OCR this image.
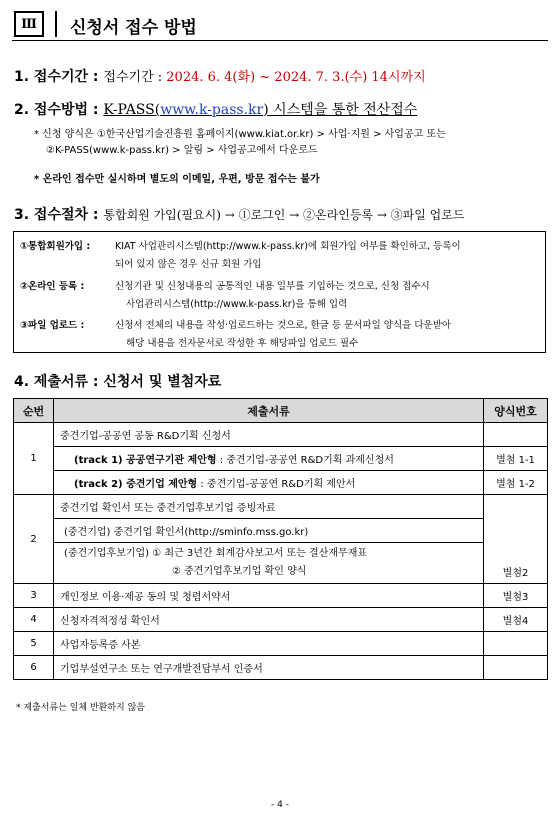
Ⅲ 신청서 접수 방법
1. 접수기간 : 접수기간 : 2024. 6. 4(화) ~ 2024. 7. 3.(수) 14시까지
2. 접수방법 : K-PASS(www.k-pass.kr) 시스템을 통한 전산접수
* 신청 양식은 ①한국산업기술진흥원 홈페이지(www.kiat.or.kr) > 사업·지원 > 사업공고 또는
②K-PASS(www.k-pass.kr) > 알림 > 사업공고에서 다운로드
* 온라인 접수만 실시하며 별도의 이메일, 우편, 방문 접수는 불가
3. 접수절차 : 통합회원 가입(필요시) → ①로그인 → ②온라인등록 → ③파일 업로드
①통합회원가입 :	KIAT 사업관리시스템(http://www.k-pass.kr)에 회원가입 여부를 확인하고, 등록이
되어 있지 않은 경우 신규 회원 가입
②온라인 등록 :	신청기관 및 신청내용의 공통적인 내용 일부를 기입하는 것으로, 신청 접수시
사업관리시스템(http://www.k-pass.kr)을 통해 입력
③파일 업로드 :	신청서 전체의 내용을 작성·업로드하는 것으로, 한글 등 문서파일 양식을 다운받아
해당 내용을 전자문서로 작성한 후 해당파일 업로드 필수
4. 제출서류 : 신청서 및 별첨자료
순번	제출서류	양식번호
1	중견기업-공공연 공동 R&D기획 신청서	
	(track 1) 공공연구기관 제안형 : 중견기업-공공연 R&D기획 과제신청서	별첨 1-1
	(track 2) 중견기업 제안형 : 중견기업-공공연 R&D기획 제안서	별첨 1-2
2	중견기업 확인서 또는 중견기업후보기업 증빙자료	별첨2
	(중견기업) 중견기업 확인서(http://sminfo.mss.go.kr)	

	(중견기업후보기업) ① 최근 3년간 회계감사보고서 또는 결산재무재표
② 중견기업후보기업 확인 양식	

3	개인정보 이용·제공 동의 및 청렴서약서	별첨3
4	신청자격적정성 확인서	별첨4
5	사업자등록증 사본	
6	기업부설연구소 또는 연구개발전담부서 인증서	
* 제출서류는 일체 반환하지 않음
- 4 -
